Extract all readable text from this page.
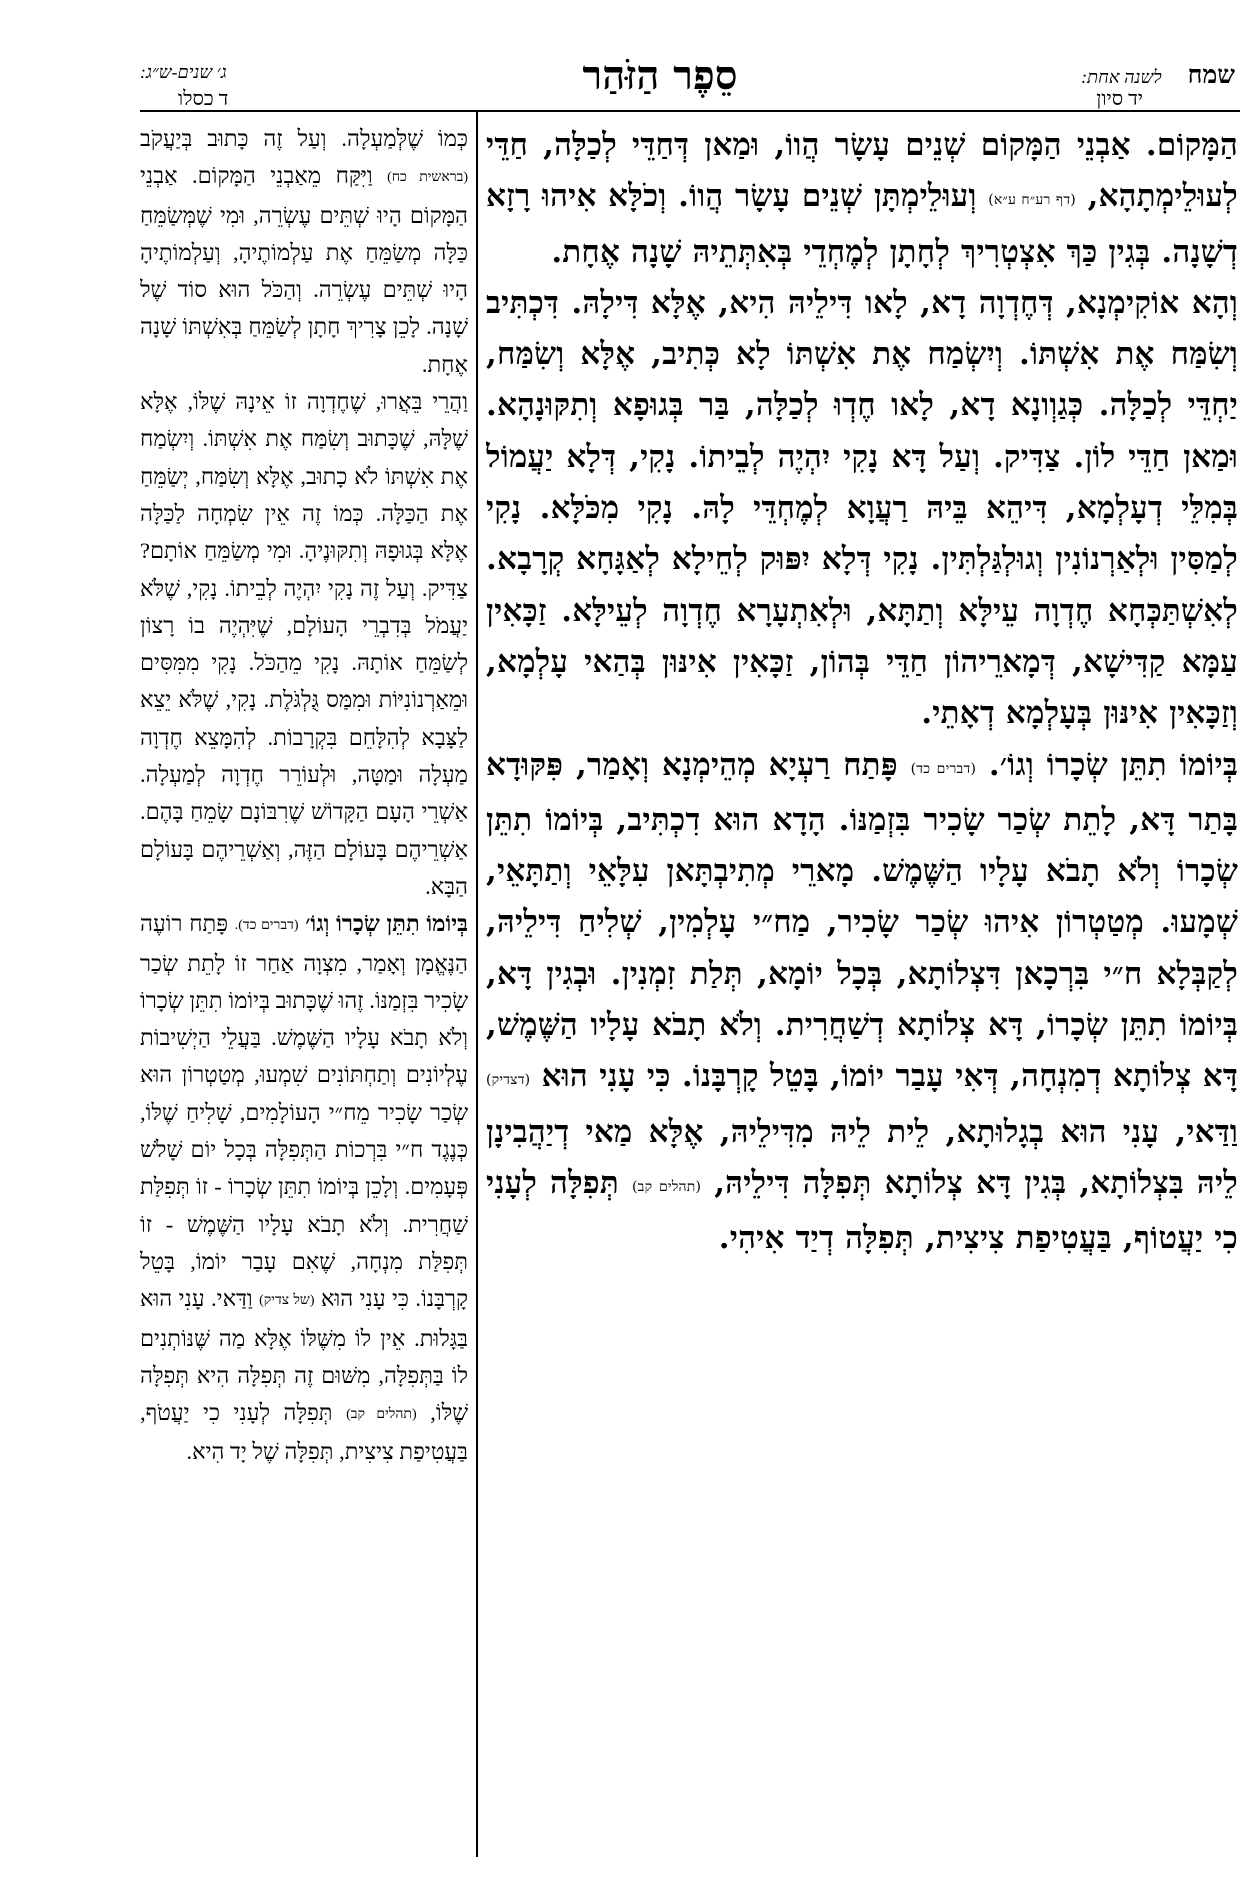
שמח
לשנה אחת:
יד סיון
סֵפֶר הַזֹּהַר
ג׳ שנים-ש״ג:
ד כסלו

הַמָּקוֹם. אַבְנֵי הַמָּקוֹם שְׁנֵים עָשָׂר הֲווֹ, וּמַאן דְּחַדֵּי לְכַלָּה, חַדֵּי לְעוּלֵימְתָהָא, (דף רע״ח ע״א) וְעוּלֵימְתָּן שְׁנֵים עָשָׂר הֲווֹ. וְכֹלָּא אִיהוּ רָזָא דְשָׁנָה. בְּגִין כַּךְ אִצְטְרִיךְ לְחָתָן לְמֶחְדֵי בְּאִתְּתֵיהּ שָׁנָה אֶחָת.

וְהָא אוֹקִימְנָא, דְּחֶדְוָה דָא, לָאו דִּילֵיהּ הִיא, אֶלָּא דִּילָהּ. דִּכְתִּיב וְשִׂמַּח אֶת אִשְׁתּוֹ. וְיִשְׂמַח אֶת אִשְׁתּוֹ לָא כְּתִיב, אֶלָּא וְשִׂמַּח, יַחְדֵּי לְכַלָּה. כְּגַוְונָא דָא, לָאו חֶדְוּ לְכַלָּה, בַּר בְּגוּפָא וְתִקּוּנָהָא. וּמַאן חַדֵּי לוֹן. צַדִּיק. וְעַל דָּא נָקִי יִהְיֶה לְבֵיתוֹ. נָקִי, דְּלָא יַעֲמוֹל בְּמִלֵּי דְעָלְמָא, דִּיהֵא בֵּיהּ רַעֲוָא לְמֶחְדֵּי לָהּ. נָקִי מִכֹּלָּא. נָקִי לְמַסִּין וּלְאַרְנוֹנִין וְגוּלְגַּלְתִּין. נָקִי דְּלָא יִפּוּק לְחֵילָא לְאַגָּחָא קְרָבָא. לְאִשְׁתַּכְּחָא חֶדְוָה עֵילָּא וְתַתָּא, וּלְאִתְעָרָא חֶדְוָה לְעֵילָּא. זַכָּאִין עַמָּא קַדִּישָׁא, דְּמָארֵיהוֹן חַדֵּי בְּהוֹן, זַכָּאִין אִינּוּן בְּהַאי עָלְמָא, וְזַכָּאִין אִינּוּן בְּעָלְמָא דְאָתֵי.

בְּיוֹמוֹ תִתֵּן שְׂכָרוֹ וְגוֹ׳. (דברים כד) פָּתַח רַעְיָא מְהֵימְנָא וְאָמַר, פִּקּוּדָא בָּתַר דָּא, לָתֵת שְׂכַר שָׂכִיר בִּזְמַנּוֹ. הָדָא הוּא דִכְתִּיב, בְּיוֹמוֹ תִתֵּן שְׂכָרוֹ וְלֹא תָבֹא עָלָיו הַשֶּׁמֶשׁ. מָארֵי מְתִיבְתָּאן עִלָּאֵי וְתַתָּאֵי, שְׁמָעוּ. מְטַטְרוֹן אִיהוּ שְׂכַר שָׂכִיר, מַח״י עָלְמִין, שְׁלִיחַ דִּילֵיהּ, לְקַבְּלָא ח״י בִּרְכָאן דִּצְלוֹתָא, בְּכָל יוֹמָא, תְּלַת זִמְנִין. וּבְגִין דָּא, בְּיוֹמוֹ תִתֵּן שְׂכָרוֹ, דָּא צְלוֹתָא דְשַׁחֲרִית. וְלֹא תָבֹא עָלָיו הַשֶּׁמֶשׁ, דָּא צְלוֹתָא דְמִנְחָה, דְּאִי עָבַר יוֹמוֹ, בָּטֵל קָרְבָּנוֹ. כִּי עָנִי הוּא (דצדיק) וַדַּאי, עָנִי הוּא בְגָלוּתָא, לֵית לֵיהּ מִדִּילֵיהּ, אֶלָּא מַאי דְיַהֲבִינָן לֵיהּ בִּצְלוֹתָא, בְּגִין דָּא צְלוֹתָא תְּפִלָּה דִּילֵיהּ, (תהלים קב) תְּפִלָּה לְעָנִי כִי יַעֲטוֹף, בַּעֲטִיפַת צִיצִית, תְּפִלָּה דְיַד אִיהִי.

כְּמוֹ שֶׁלְּמַעְלָה. וְעַל זֶה כָּתוּב בְּיַעֲקֹב (בראשית כח) וַיִּקַּח מֵאַבְנֵי הַמָּקוֹם. אַבְנֵי הַמָּקוֹם הָיוּ שְׁתֵּים עֶשְׂרֵה, וּמִי שֶׁמְּשַׂמֵּחַ כַּלָּה מְשַׂמֵּחַ אֶת עַלְמוֹתֶיהָ, וְעַלְמוֹתֶיהָ הָיוּ שְׁתֵּים עֶשְׂרֵה. וְהַכֹּל הוּא סוֹד שֶׁל שָׁנָה. לָכֵן צָרִיךְ חָתָן לְשַׂמֵּחַ בְּאִשְׁתּוֹ שָׁנָה אֶחָת.

וַהֲרֵי בֵּאֲרוּ, שֶׁחֶדְוָה זוֹ אֵינָהּ שֶׁלּוֹ, אֶלָּא שֶׁלָּהּ, שֶׁכָּתוּב וְשִׂמַּח אֶת אִשְׁתּוֹ. וְיִשְׂמַח אֶת אִשְׁתּוֹ לֹא כָתוּב, אֶלָּא וְשִׂמַּח, יְשַׂמֵּחַ אֶת הַכַּלָּה. כְּמוֹ זֶה אֵין שִׂמְחָה לַכַּלָּה אֶלָּא בְּגוּפָהּ וְתִקּוּנֶיהָ. וּמִי מְשַׂמֵּחַ אוֹתָם? צַדִּיק. וְעַל זֶה נָקִי יִהְיֶה לְבֵיתוֹ. נָקִי, שֶׁלֹּא יַעֲמֹל בְּדִבְרֵי הָעוֹלָם, שֶׁיִּהְיֶה בוֹ רָצוֹן לְשַׂמֵּחַ אוֹתָהּ. נָקִי מֵהַכֹּל. נָקִי מִמִּסִּים וּמֵאַרְנוֹנִיּוֹת וּמִמַּס גֻּלְגֹּלֶת. נָקִי, שֶׁלֹּא יֵצֵא לַצָּבָא לְהִלָּחֵם בִּקְרָבוֹת. לְהִמָּצֵא חֶדְוָה מַעְלָה וּמַטָּה, וּלְעוֹרֵר חֶדְוָה לְמַעְלָה. אַשְׁרֵי הָעָם הַקָּדוֹשׁ שֶׁרִבּוֹנָם שָׂמֵחַ בָּהֶם. אַשְׁרֵיהֶם בָּעוֹלָם הַזֶּה, וְאַשְׁרֵיהֶם בָּעוֹלָם הַבָּא.

בְּיוֹמוֹ תִתֵּן שְׂכָרוֹ וְגוֹ׳ (דברים כד). פָּתַח רוֹעֶה הַנֶּאֱמָן וְאָמַר, מִצְוָה אַחַר זוֹ לָתֵת שְׂכַר שָׂכִיר בִּזְמַנּוֹ. זֶהוּ שֶׁכָּתוּב בְּיוֹמוֹ תִתֵּן שְׂכָרוֹ וְלֹא תָבֹא עָלָיו הַשֶּׁמֶשׁ. בַּעֲלֵי הַיְשִׁיבוֹת עֶלְיוֹנִים וְתַחְתּוֹנִים שִׁמְעוּ, מְטַטְרוֹן הוּא שְׂכַר שָׂכִיר מֵח״י הָעוֹלָמִים, שָׁלִיחַ שֶׁלּוֹ, כְּנֶגֶד ח״י בִּרְכוֹת הַתְּפִלָּה בְּכָל יוֹם שָׁלֹשׁ פְּעָמִים. וְלָכֵן בְּיוֹמוֹ תִתֵּן שְׂכָרוֹ - זוֹ תְּפִלַּת שַׁחֲרִית. וְלֹא תָבֹא עָלָיו הַשֶּׁמֶשׁ - זוֹ תְּפִלַּת מִנְחָה, שֶׁאִם עָבַר יוֹמוֹ, בָּטֵל קָרְבָּנוֹ. כִּי עָנִי הוּא (של צדיק) וַדַּאי. עָנִי הוּא בַּגָּלוּת. אֵין לוֹ מִשֶּׁלּוֹ אֶלָּא מַה שֶּׁנּוֹתְנִים לוֹ בַּתְּפִלָּה, מִשּׁוּם זֶה תְּפִלָּה הִיא תְּפִלָּה שֶׁלּוֹ, (תהלים קב) תְּפִלָּה לְעָנִי כִי יַעֲטֹף, בַּעֲטִיפַת צִיצִית, תְּפִלָּה שֶׁל יָד הִיא.
